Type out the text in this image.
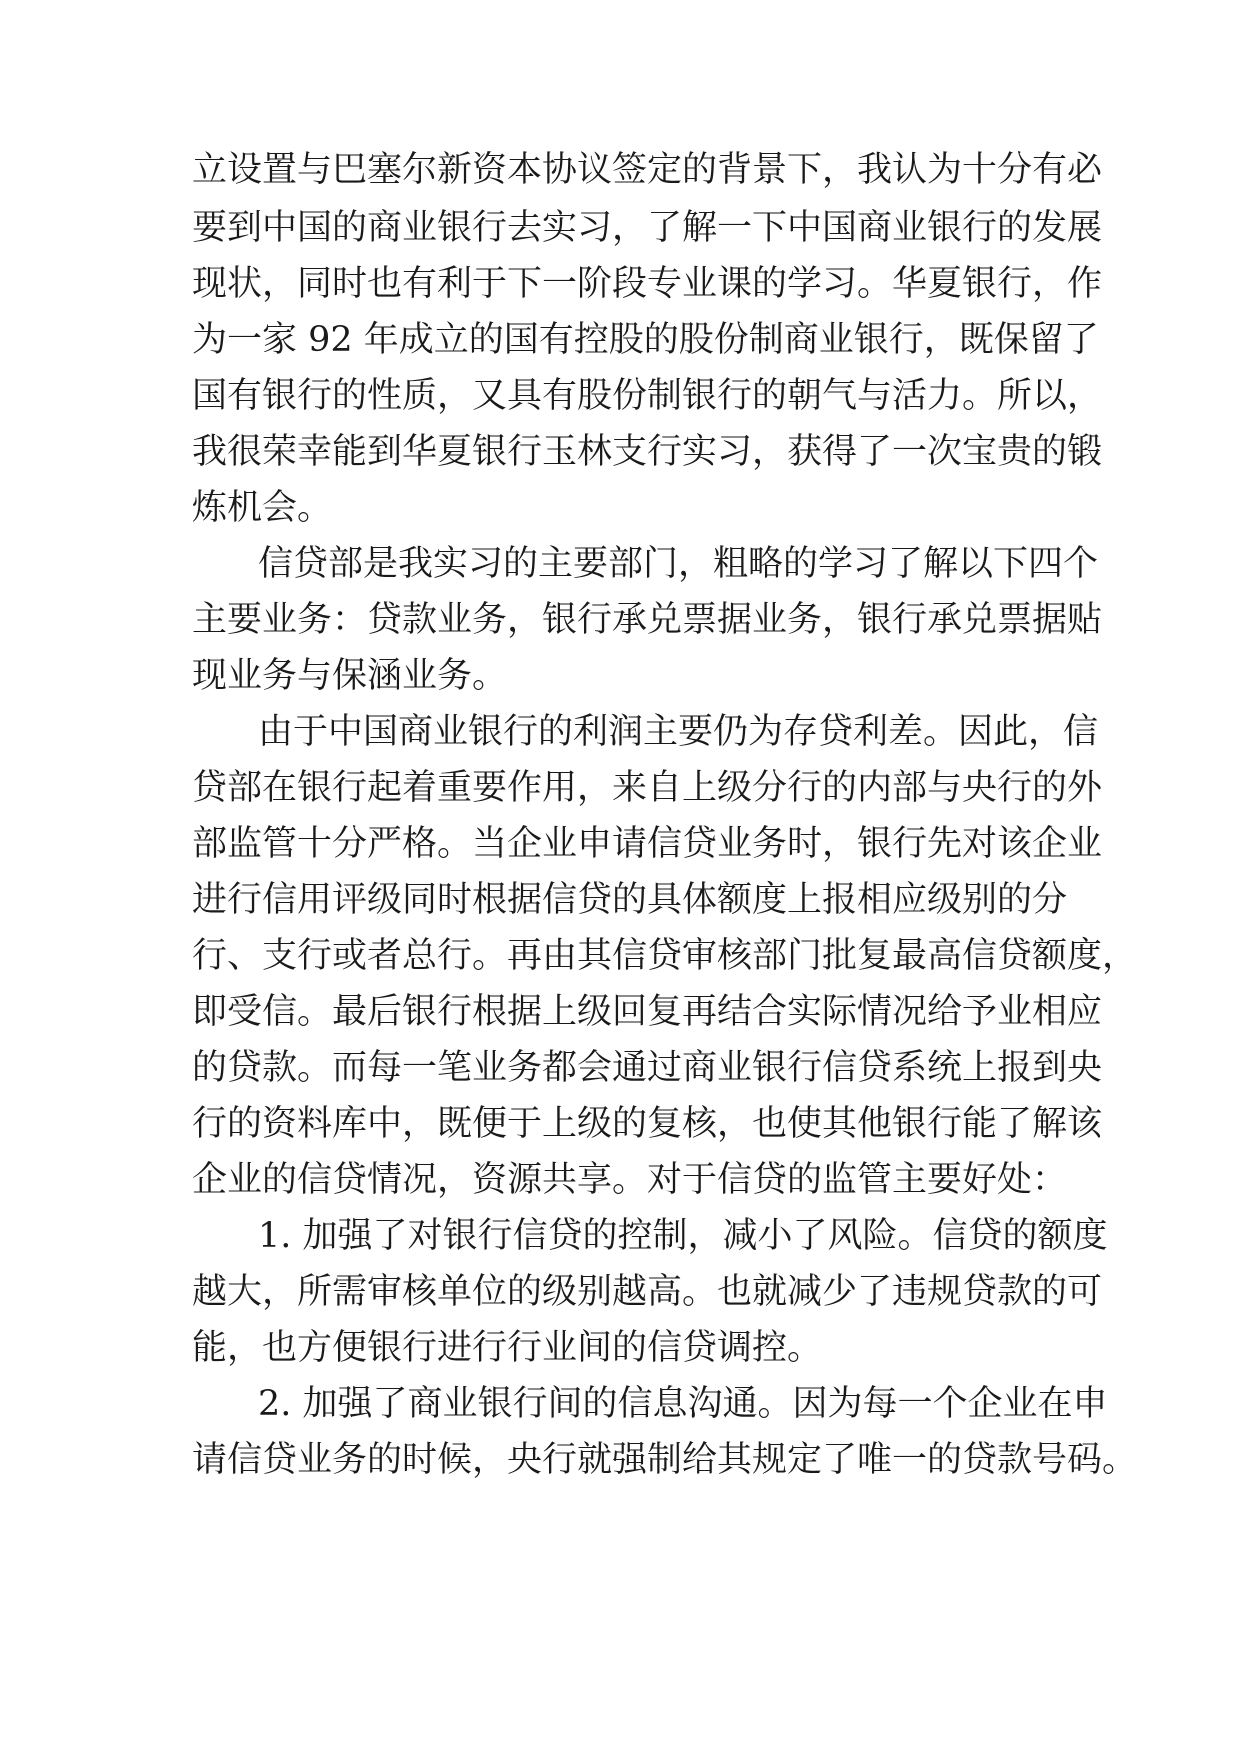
立设置与巴塞尔新资本协议签定的背景下，我认为十分有必
要到中国的商业银行去实习，了解一下中国商业银行的发展
现状，同时也有利于下一阶段专业课的学习。华夏银行，作
为一家 92 年成立的国有控股的股份制商业银行，既保留了
国有银行的性质，又具有股份制银行的朝气与活力。所以，
我很荣幸能到华夏银行玉林支行实习，获得了一次宝贵的锻
炼机会。
信贷部是我实习的主要部门，粗略的学习了解以下四个
主要业务：贷款业务，银行承兑票据业务，银行承兑票据贴
现业务与保涵业务。
由于中国商业银行的利润主要仍为存贷利差。因此，信
贷部在银行起着重要作用，来自上级分行的内部与央行的外
部监管十分严格。当企业申请信贷业务时，银行先对该企业
进行信用评级同时根据信贷的具体额度上报相应级别的分
行、支行或者总行。再由其信贷审核部门批复最高信贷额度，
即受信。最后银行根据上级回复再结合实际情况给予业相应
的贷款。而每一笔业务都会通过商业银行信贷系统上报到央
行的资料库中，既便于上级的复核，也使其他银行能了解该
企业的信贷情况，资源共享。对于信贷的监管主要好处：
1. 加强了对银行信贷的控制，减小了风险。信贷的额度
越大，所需审核单位的级别越高。也就减少了违规贷款的可
能，也方便银行进行行业间的信贷调控。
2. 加强了商业银行间的信息沟通。因为每一个企业在申
请信贷业务的时候，央行就强制给其规定了唯一的贷款号码。
